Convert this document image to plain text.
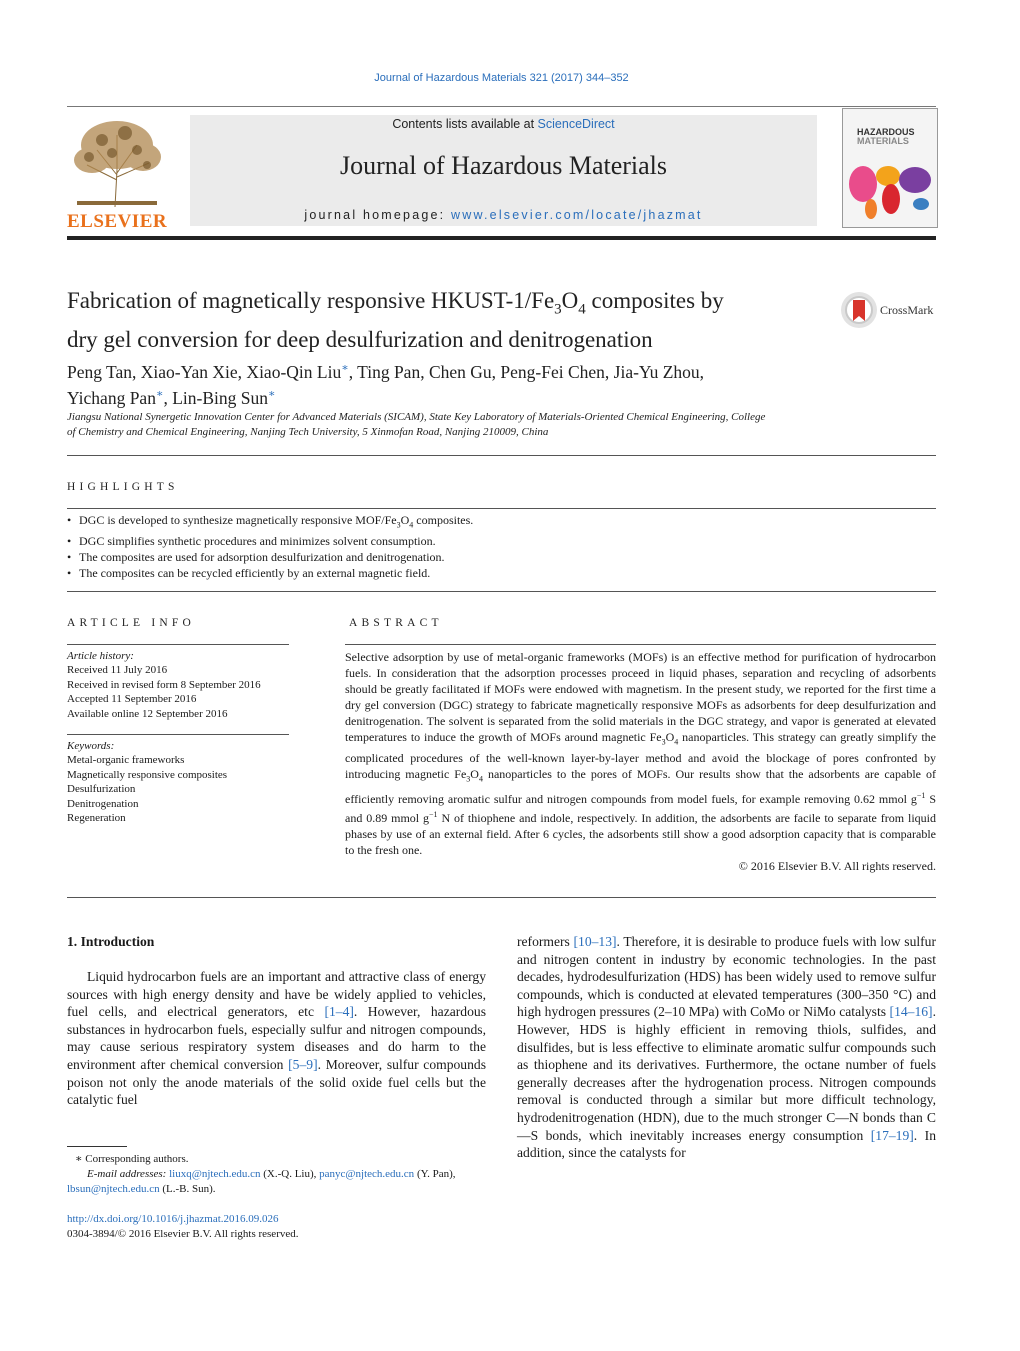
Journal of Hazardous Materials 321 (2017) 344–352
ELSEVIER
Contents lists available at ScienceDirect
Journal of Hazardous Materials
journal homepage: www.elsevier.com/locate/jhazmat
HAZARDOUS
MATERIALS
Fabrication of magnetically responsive HKUST-$1/Fe_3O_4$ composites by
dry gel conversion for deep desulfurization and denitrogenation
CrossMark
Peng Tan, Xiao-Yan Xie, Xiao-Qin Liu∗, Ting Pan, Chen Gu, Peng-Fei Chen, Jia-Yu Zhou,
Yichang Pan∗, Lin-Bing Sun∗
Jiangsu National Synergetic Innovation Center for Advanced Materials (SICAM), State Key Laboratory of Materials-Oriented Chemical Engineering, College
of Chemistry and Chemical Engineering, Nanjing Tech University, 5 Xinmofan Road, Nanjing 210009, China
HIGHLIGHTS
• DGC is developed to synthesize magnetically responsive MOF/$Fe_3O_4$ composites.
• DGC simplifies synthetic procedures and minimizes solvent consumption.
• The composites are used for adsorption desulfurization and denitrogenation.
• The composites can be recycled efficiently by an external magnetic field.
ARTICLE INFO
Article history:
Received 11 July 2016
Received in revised form 8 September 2016
Accepted 11 September 2016
Available online 12 September 2016
Keywords:
Metal-organic frameworks
Magnetically responsive composites
Desulfurization
Denitrogenation
Regeneration
ABSTRACT
Selective adsorption by use of metal-organic frameworks (MOFs) is an effective method for purification of hydrocarbon fuels. In consideration that the adsorption processes proceed in liquid phases, separation and recycling of adsorbents should be greatly facilitated if MOFs were endowed with magnetism. In the present study, we reported for the first time a dry gel conversion (DGC) strategy to fabricate magnetically responsive MOFs as adsorbents for deep desulfurization and denitrogenation. The solvent is separated from the solid materials in the DGC strategy, and vapor is generated at elevated temperatures to induce the growth of MOFs around magnetic $Fe_3O_4$ nanoparticles. This strategy can greatly simplify the complicated procedures of the well-known layer-by-layer method and avoid the blockage of pores confronted by introducing magnetic $Fe_3O_4$ nanoparticles to the pores of MOFs. Our results show that the adsorbents are capable of efficiently removing aromatic sulfur and nitrogen compounds from model fuels, for example removing 0.62 mmol $g^{-1}$ S and 0.89 mmol $g^{-1}$ N of thiophene and indole, respectively. In addition, the adsorbents are facile to separate from liquid phases by use of an external field. After 6 cycles, the adsorbents still show a good adsorption capacity that is comparable to the fresh one.
© 2016 Elsevier B.V. All rights reserved.
1. Introduction

Liquid hydrocarbon fuels are an important and attractive class of energy sources with high energy density and have be widely applied to vehicles, fuel cells, and electrical generators, etc [1–4]. However, hazardous substances in hydrocarbon fuels, especially sulfur and nitrogen compounds, may cause serious respiratory system diseases and do harm to the environment after chemical conversion [5–9]. Moreover, sulfur compounds poison not only the anode materials of the solid oxide fuel cells but the catalytic fuel

reformers [10–13]. Therefore, it is desirable to produce fuels with low sulfur and nitrogen content in industry by economic technologies. In the past decades, hydrodesulfurization (HDS) has been widely used to remove sulfur compounds, which is conducted at elevated temperatures (300–350 °C) and high hydrogen pressures (2–10 MPa) with CoMo or NiMo catalysts [14–16]. However, HDS is highly efficient in removing thiols, sulfides, and disulfides, but is less effective to eliminate aromatic sulfur compounds such as thiophene and its derivatives. Furthermore, the octane number of fuels generally decreases after the hydrogenation process. Nitrogen compounds removal is conducted through a similar but more difficult technology, hydrodenitrogenation (HDN), due to the much stronger C—N bonds than C—S bonds, which inevitably increases energy consumption [17–19]. In addition, since the catalysts for

∗ Corresponding authors.
E-mail addresses: liuxq@njtech.edu.cn (X.-Q. Liu), panyc@njtech.edu.cn (Y. Pan),
lbsun@njtech.edu.cn (L.-B. Sun).
http://dx.doi.org/10.1016/j.jhazmat.2016.09.026
0304-3894/© 2016 Elsevier B.V. All rights reserved.
